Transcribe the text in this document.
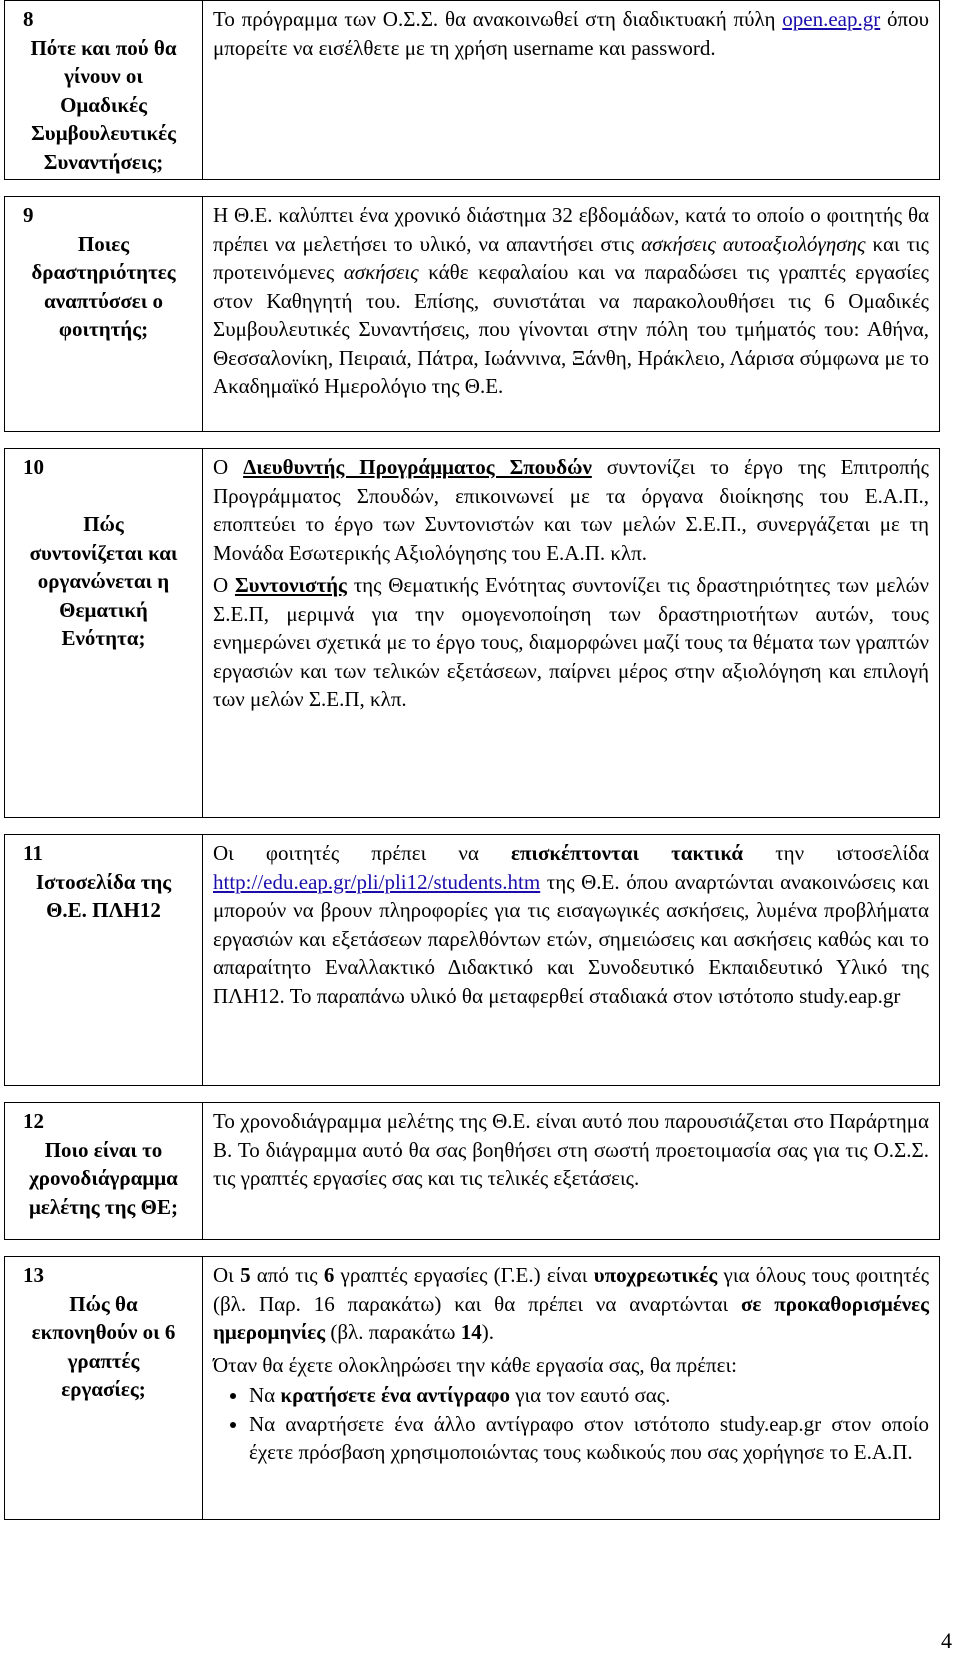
8
Πότε και πού θα
γίνουν οι
Ομαδικές
Συμβουλευτικές
Συναντήσεις;

Το πρόγραμμα των Ο.Σ.Σ. θα ανακοινωθεί στη διαδικτυακή πύλη open.eap.gr όπου μπορείτε να εισέλθετε με τη χρήση username και password.

9
Ποιες
δραστηριότητες
αναπτύσσει ο
φοιτητής;

Η Θ.Ε. καλύπτει ένα χρονικό διάστημα 32 εβδομάδων, κατά το οποίο ο φοιτητής θα πρέπει να μελετήσει το υλικό, να απαντήσει στις ασκήσεις αυτοαξιολόγησης και τις προτεινόμενες ασκήσεις κάθε κεφαλαίου και να παραδώσει τις γραπτές εργασίες στον Καθηγητή του. Επίσης, συνιστάται να παρακολουθήσει τις 6 Ομαδικές Συμβουλευτικές Συναντήσεις, που γίνονται στην πόλη του τμήματός του: Αθήνα, Θεσσαλονίκη, Πειραιά, Πάτρα, Ιωάννινα, Ξάνθη, Ηράκλειο, Λάρισα σύμφωνα με το Ακαδημαϊκό Ημερολόγιο της Θ.Ε.

10

Πώς
συντονίζεται και
οργανώνεται η
Θεματική
Ενότητα;

Ο Διευθυντής Προγράμματος Σπουδών συντονίζει το έργο της Επιτροπής Προγράμματος Σπουδών, επικοινωνεί με τα όργανα διοίκησης του Ε.Α.Π., εποπτεύει το έργο των Συντονιστών και των μελών Σ.Ε.Π., συνεργάζεται με τη Μονάδα Εσωτερικής Αξιολόγησης του Ε.Α.Π. κλπ.

Ο Συντονιστής της Θεματικής Ενότητας συντονίζει τις δραστηριότητες των μελών Σ.Ε.Π, μεριμνά για την ομογενοποίηση των δραστηριοτήτων αυτών, τους ενημερώνει σχετικά με το έργο τους, διαμορφώνει μαζί τους τα θέματα των γραπτών εργασιών και των τελικών εξετάσεων, παίρνει μέρος στην αξιολόγηση και επιλογή των μελών Σ.Ε.Π, κλπ.

11
Ιστοσελίδα της
Θ.Ε. ΠΛΗ12

Οι φοιτητές πρέπει να επισκέπτονται τακτικά την ιστοσελίδα http://edu.eap.gr/pli/pli12/students.htm της Θ.Ε. όπου αναρτώνται ανακοινώσεις και μπορούν να βρουν πληροφορίες για τις εισαγωγικές ασκήσεις, λυμένα προβλήματα εργασιών και εξετάσεων παρελθόντων ετών, σημειώσεις και ασκήσεις καθώς και το απαραίτητο Εναλλακτικό Διδακτικό και Συνοδευτικό Εκπαιδευτικό Υλικό της ΠΛΗ12. Το παραπάνω υλικό θα μεταφερθεί σταδιακά στον ιστότοπο study.eap.gr

12
Ποιο είναι το
χρονοδιάγραμμα
μελέτης της ΘΕ;

Το χρονοδιάγραμμα μελέτης της Θ.Ε. είναι αυτό που παρουσιάζεται στο Παράρτημα Β. Το διάγραμμα αυτό θα σας βοηθήσει στη σωστή προετοιμασία σας για τις Ο.Σ.Σ. τις γραπτές εργασίες σας και τις τελικές εξετάσεις.

13
Πώς θα
εκπονηθούν οι 6
γραπτές
εργασίες;

Οι 5 από τις 6 γραπτές εργασίες (Γ.Ε.) είναι υποχρεωτικές για όλους τους φοιτητές (βλ. Παρ. 16 παρακάτω) και θα πρέπει να αναρτώνται σε προκαθορισμένες ημερομηνίες (βλ. παρακάτω 14).

Όταν θα έχετε ολοκληρώσει την κάθε εργασία σας, θα πρέπει:

• Να κρατήσετε ένα αντίγραφο για τον εαυτό σας.
• Να αναρτήσετε ένα άλλο αντίγραφο στον ιστότοπο study.eap.gr στον οποίο έχετε πρόσβαση χρησιμοποιώντας τους κωδικούς που σας χορήγησε το Ε.Α.Π.
4
